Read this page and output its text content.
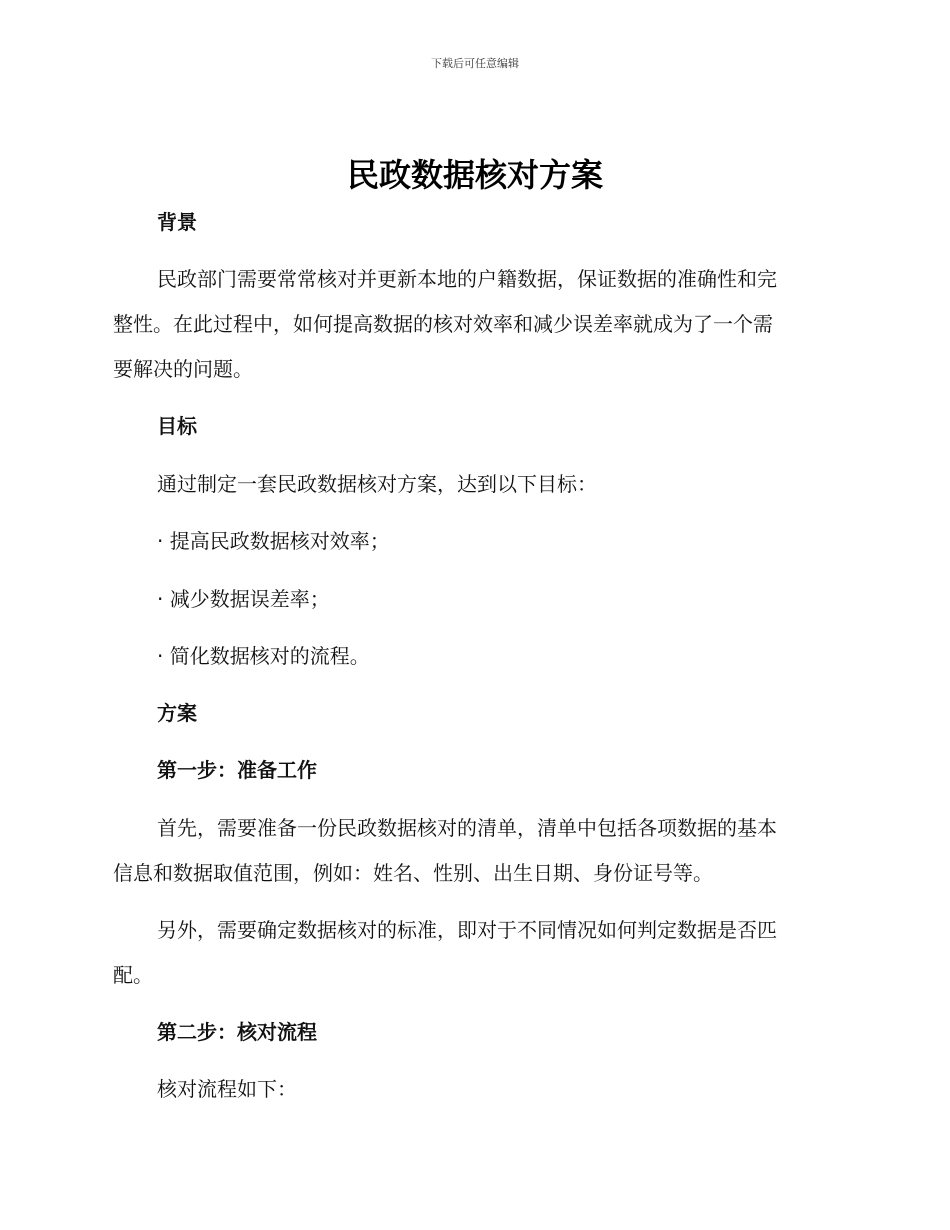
下载后可任意编辑
民政数据核对方案
背景
民政部门需要常常核对并更新本地的户籍数据，保证数据的准确性和完
整性。在此过程中，如何提高数据的核对效率和减少误差率就成为了一个需
要解决的问题。
目标
通过制定一套民政数据核对方案，达到以下目标：
· 提高民政数据核对效率；
· 减少数据误差率；
· 简化数据核对的流程。
方案
第一步：准备工作
首先，需要准备一份民政数据核对的清单，清单中包括各项数据的基本
信息和数据取值范围，例如：姓名、性别、出生日期、身份证号等。
另外，需要确定数据核对的标准，即对于不同情况如何判定数据是否匹
配。
第二步：核对流程
核对流程如下：
